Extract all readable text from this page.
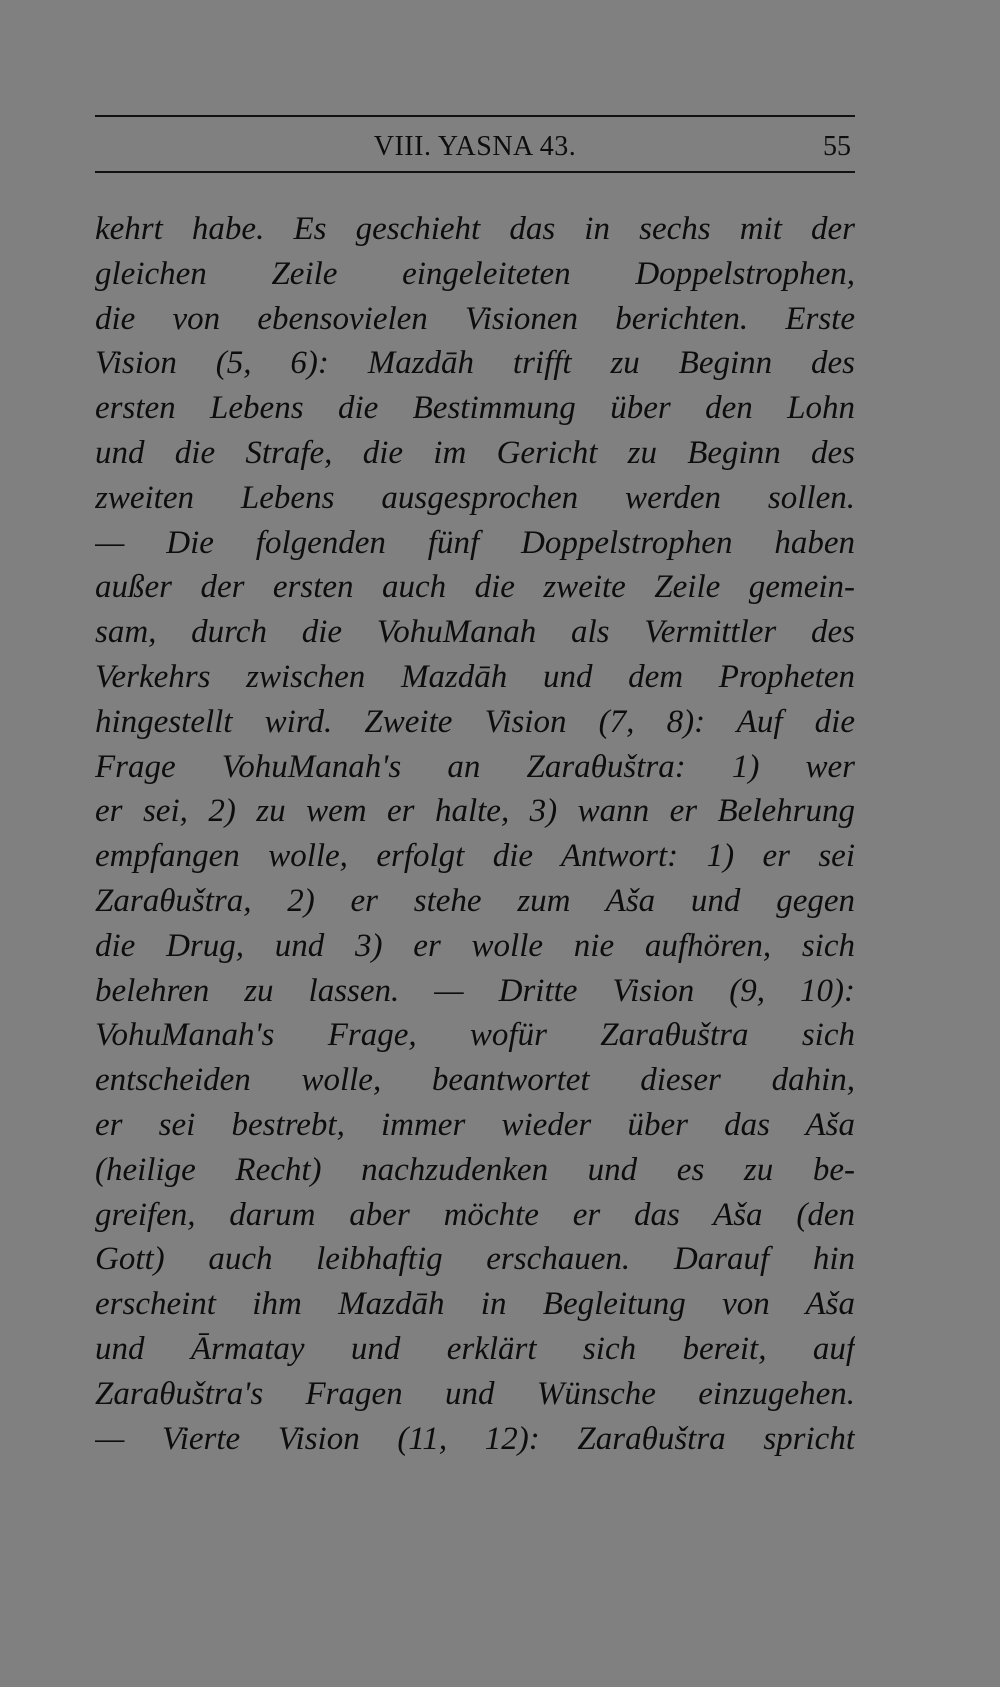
VIII. YASNA 43.	55
kehrt habe. Es geschieht das in sechs mit der
gleichen Zeile eingeleiteten Doppelstrophen,
die von ebensovielen Visionen berichten. Erste
Vision (5, 6): Mazdāh trifft zu Beginn des
ersten Lebens die Bestimmung über den Lohn
und die Strafe, die im Gericht zu Beginn des
zweiten Lebens ausgesprochen werden sollen.
— Die folgenden fünf Doppelstrophen haben
außer der ersten auch die zweite Zeile gemein-
sam, durch die VohuManah als Vermittler des
Verkehrs zwischen Mazdāh und dem Propheten
hingestellt wird. Zweite Vision (7, 8): Auf die
Frage VohuManah's an Zaraθuštra: 1) wer
er sei, 2) zu wem er halte, 3) wann er Belehrung
empfangen wolle, erfolgt die Antwort: 1) er sei
Zaraθuštra, 2) er stehe zum Aša und gegen
die Drug, und 3) er wolle nie aufhören, sich
belehren zu lassen. — Dritte Vision (9, 10):
VohuManah's Frage, wofür Zaraθuštra sich
entscheiden wolle, beantwortet dieser dahin,
er sei bestrebt, immer wieder über das Aša
(heilige Recht) nachzudenken und es zu be-
greifen, darum aber möchte er das Aša (den
Gott) auch leibhaftig erschauen. Darauf hin
erscheint ihm Mazdāh in Begleitung von Aša
und Ārmatay und erklärt sich bereit, auf
Zaraθuštra's Fragen und Wünsche einzugehen.
— Vierte Vision (11, 12): Zaraθuštra spricht
